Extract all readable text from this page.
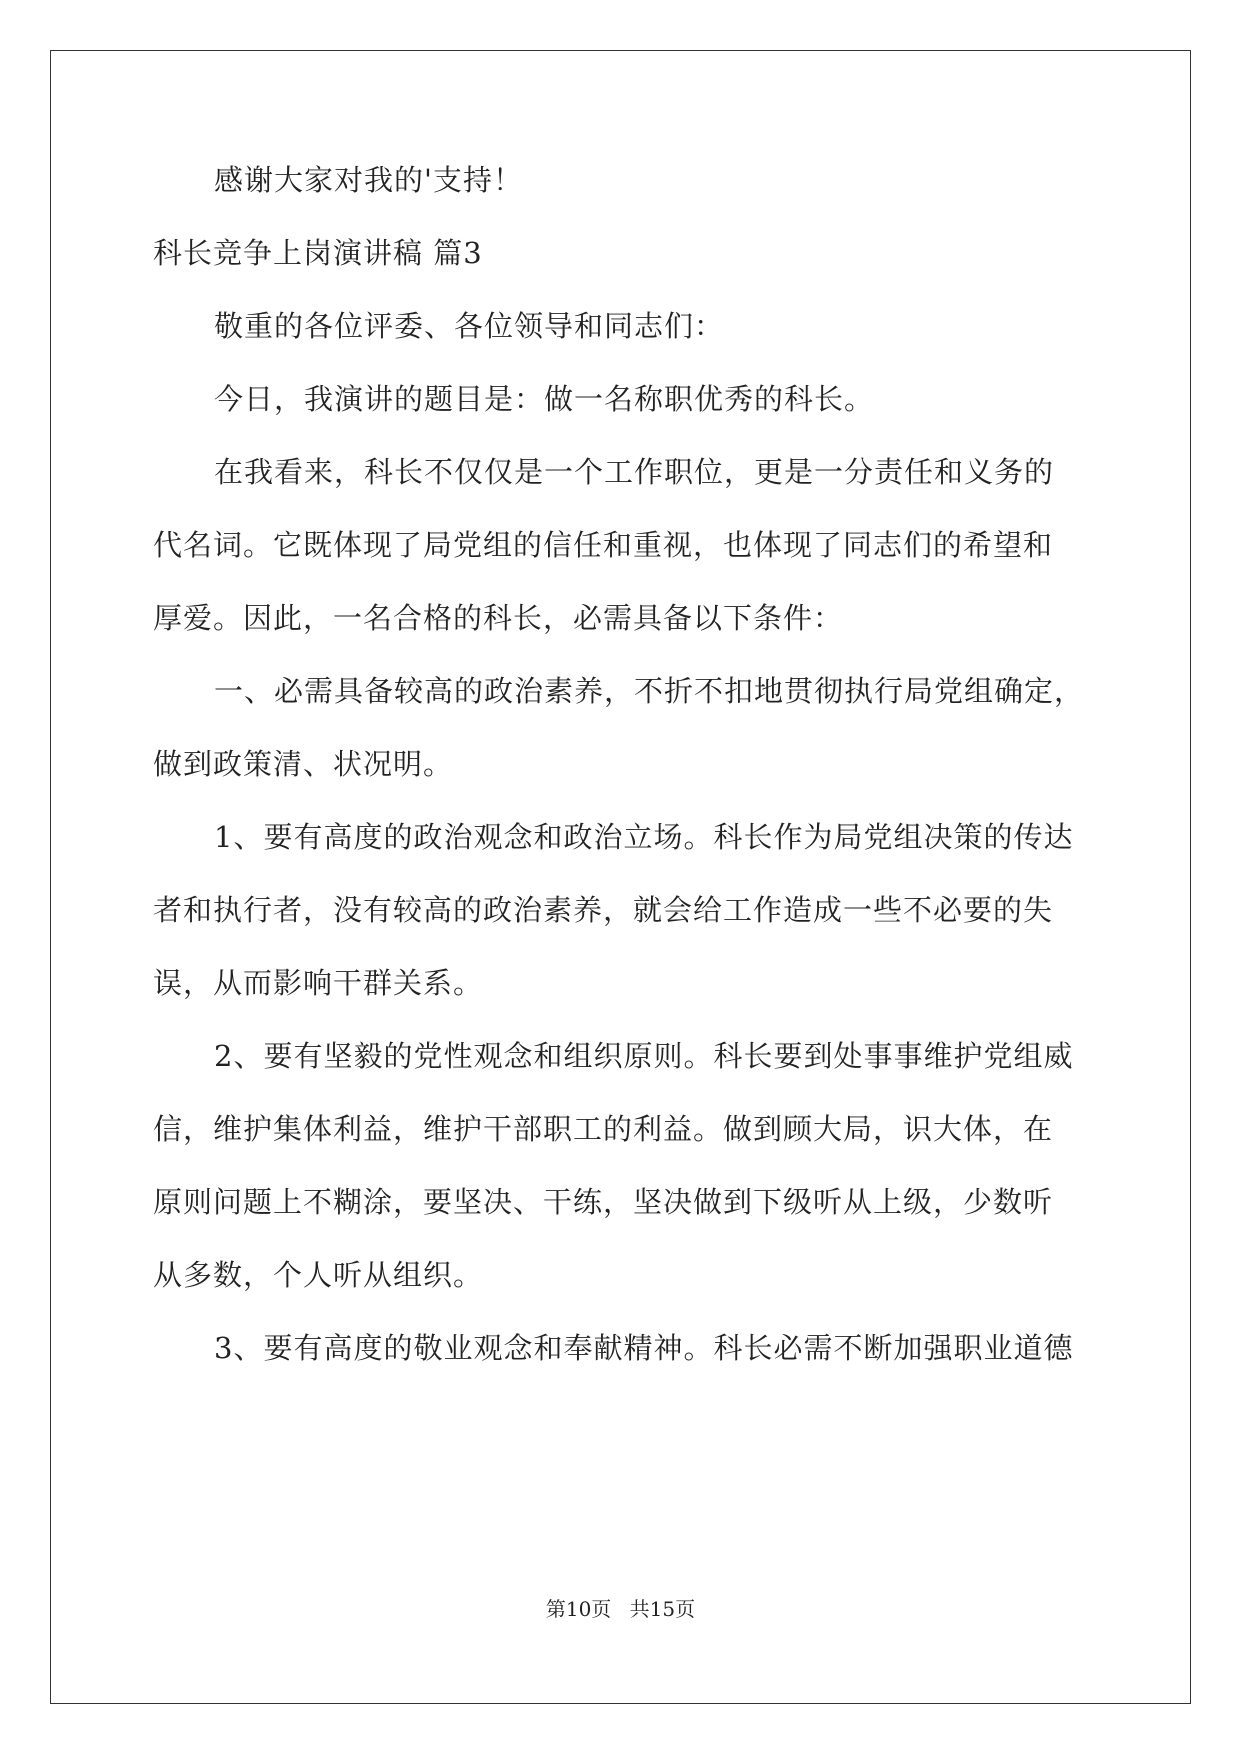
感谢大家对我的'支持！
科长竞争上岗演讲稿 篇3
敬重的各位评委、各位领导和同志们：
今日，我演讲的题目是：做一名称职优秀的科长。
在我看来，科长不仅仅是一个工作职位，更是一分责任和义务的
代名词。它既体现了局党组的信任和重视，也体现了同志们的希望和
厚爱。因此，一名合格的科长，必需具备以下条件：
一、必需具备较高的政治素养，不折不扣地贯彻执行局党组确定，
做到政策清、状况明。
1、要有高度的政治观念和政治立场。科长作为局党组决策的传达
者和执行者，没有较高的政治素养，就会给工作造成一些不必要的失
误，从而影响干群关系。
2、要有坚毅的党性观念和组织原则。科长要到处事事维护党组威
信，维护集体利益，维护干部职工的利益。做到顾大局，识大体，在
原则问题上不糊涂，要坚决、干练，坚决做到下级听从上级，少数听
从多数，个人听从组织。
3、要有高度的敬业观念和奉献精神。科长必需不断加强职业道德
第10页 共15页
